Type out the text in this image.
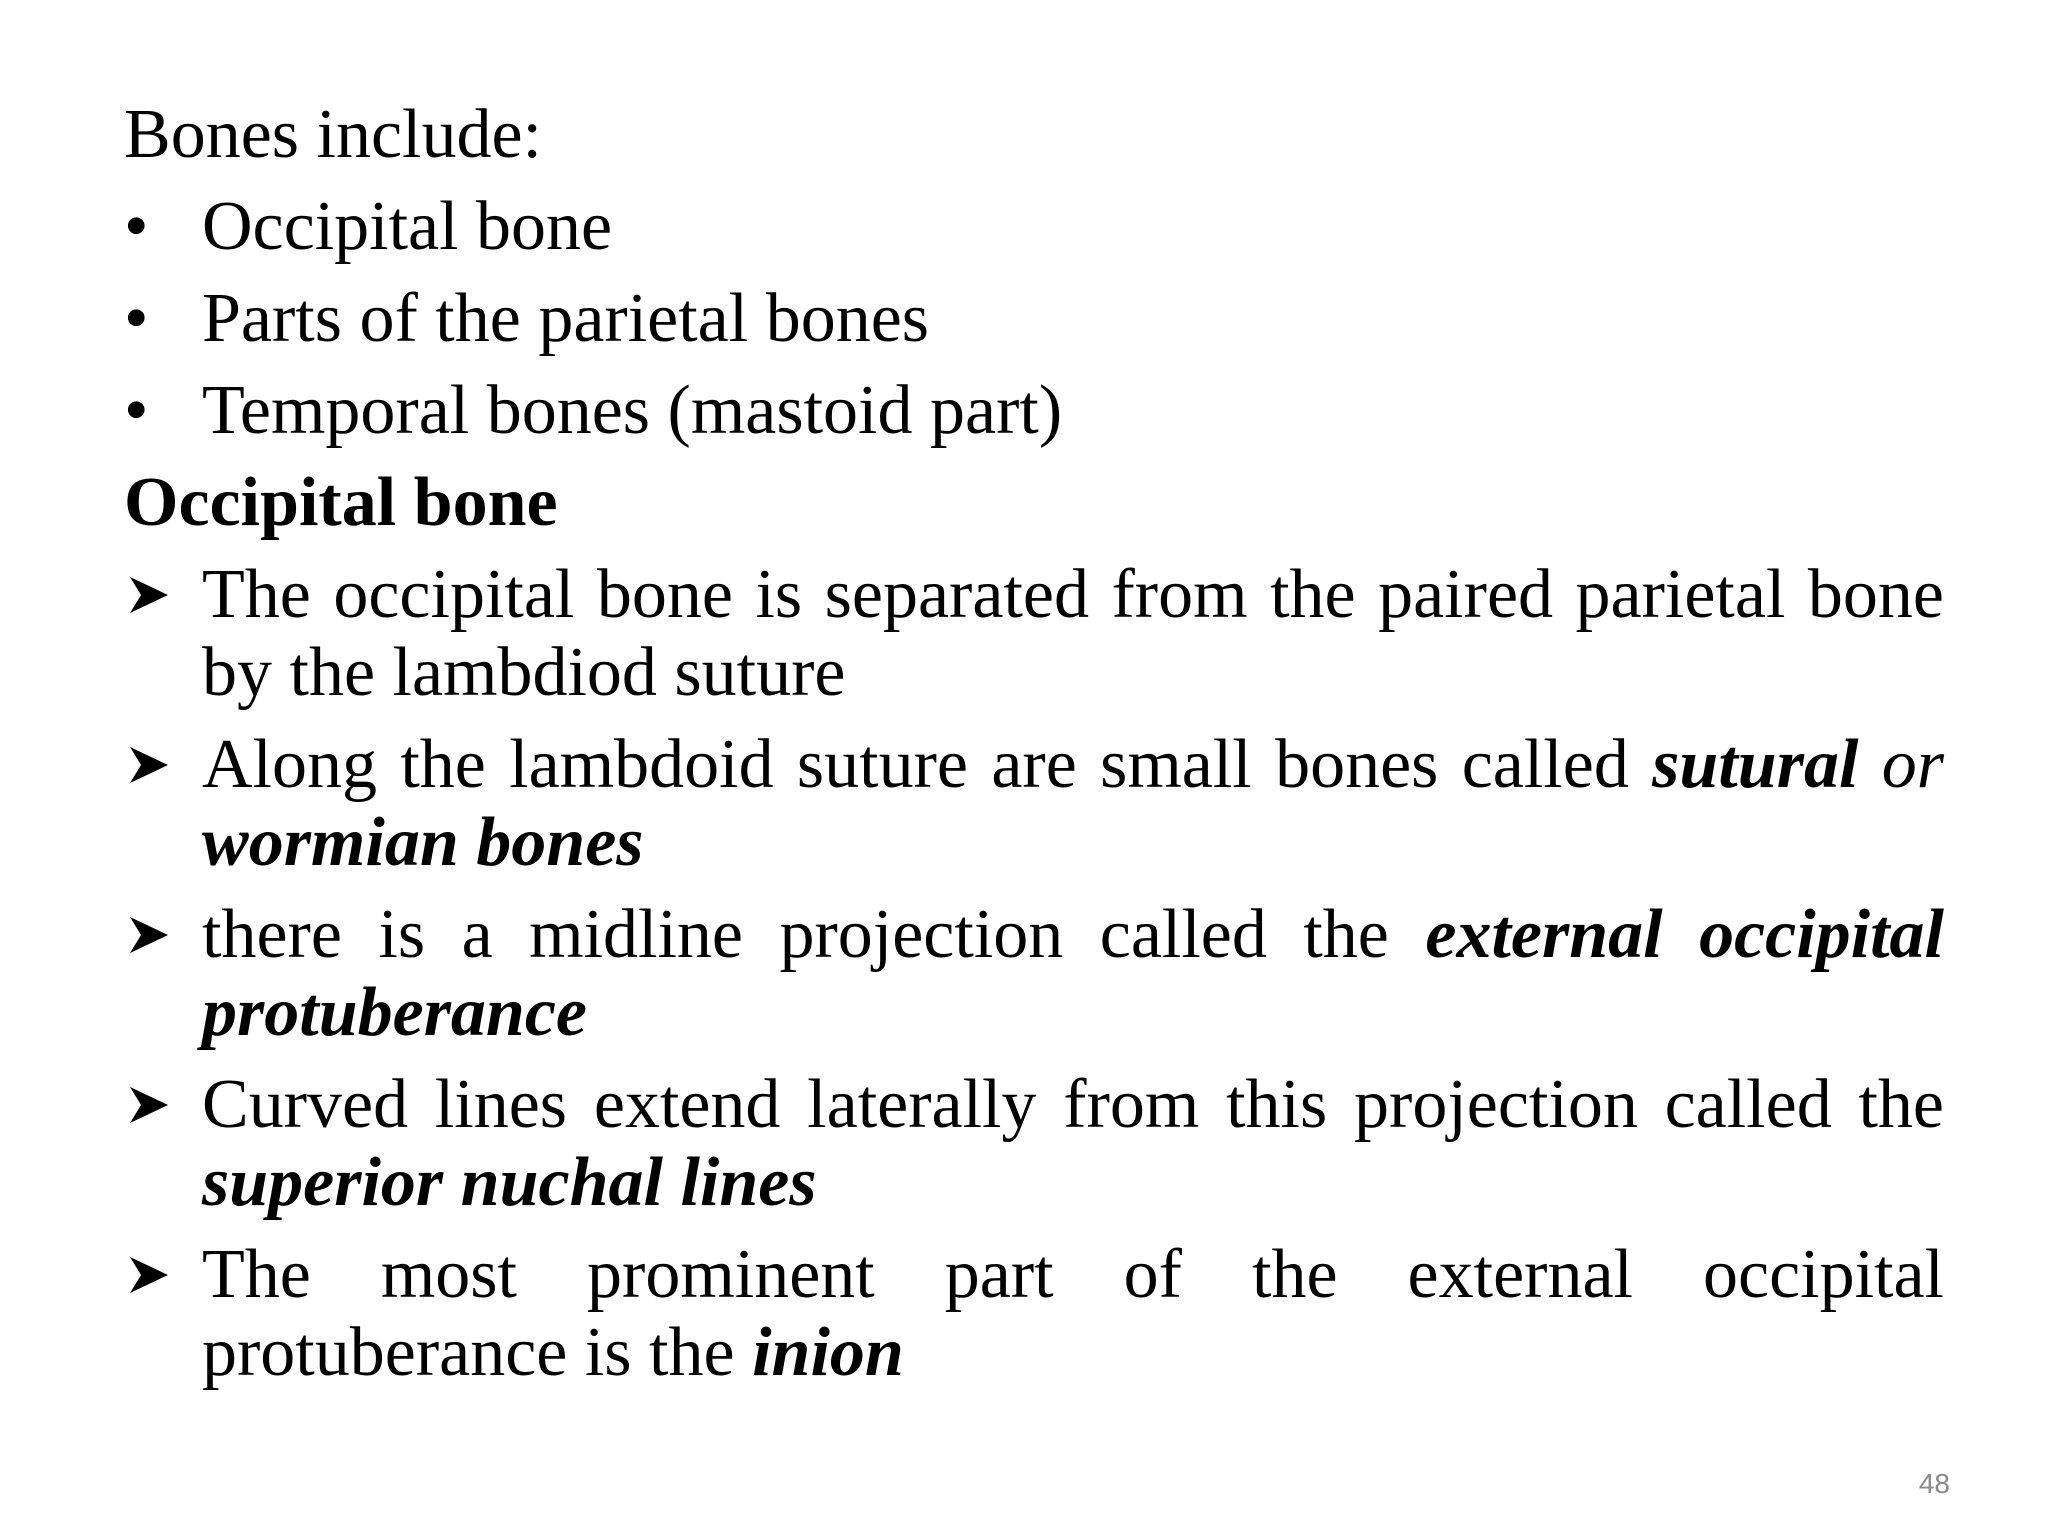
Bones include:
• Occipital bone
• Parts of the parietal bones
• Temporal bones (mastoid part)
Occipital bone
The occipital bone is separated from the paired parietal bone by the lambdiod suture
Along the lambdoid suture are small bones called sutural or wormian bones
there is a midline projection called the external occipital protuberance
Curved lines extend laterally from this projection called the superior nuchal lines
The most prominent part of the external occipital protuberance is the inion
48
